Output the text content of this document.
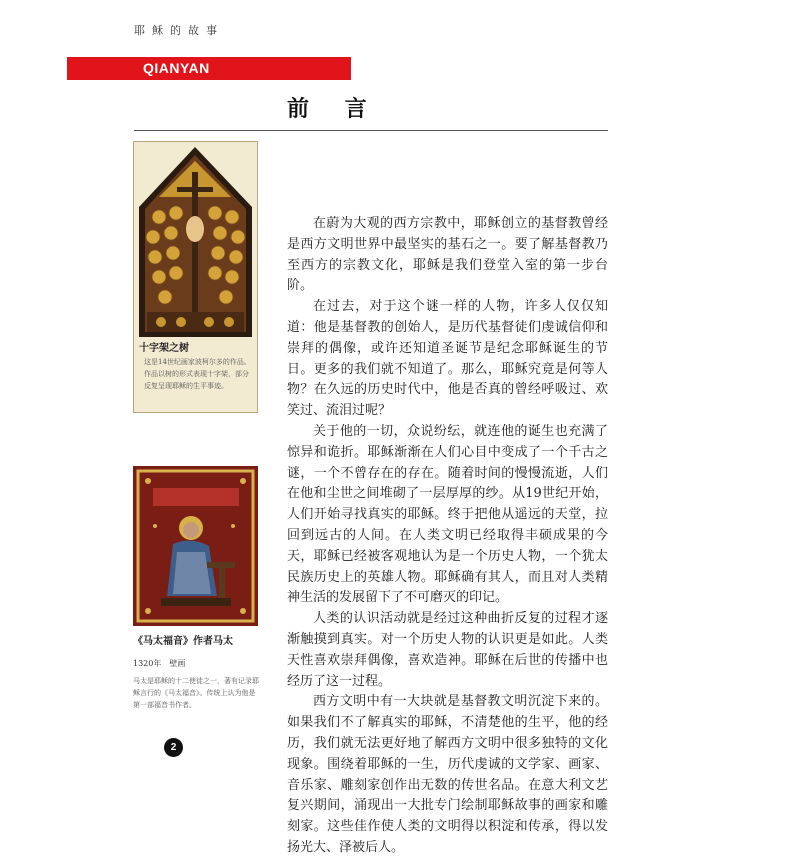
耶稣的故事
QIANYAN
前 言
十字架之树
这是14世纪画家波柯尔多的作品。作品以树的形式表现十字架，部分反复呈现耶稣的生平事迹。
《马太福音》作者马太
1320年　壁画
马太是耶稣的十二使徒之一，著有记录耶稣言行的《马太福音》。传统上认为他是第一部福音书作者。
2

在蔚为大观的西方宗教中，耶稣创立的基督教曾经是西方文明世界中最坚实的基石之一。要了解基督教乃至西方的宗教文化，耶稣是我们登堂入室的第一步台阶。

在过去，对于这个谜一样的人物，许多人仅仅知道：他是基督教的创始人，是历代基督徒们虔诚信仰和崇拜的偶像，或许还知道圣诞节是纪念耶稣诞生的节日。更多的我们就不知道了。那么，耶稣究竟是何等人物？在久远的历史时代中，他是否真的曾经呼吸过、欢笑过、流泪过呢？

关于他的一切，众说纷纭，就连他的诞生也充满了惊异和诡折。耶稣渐渐在人们心目中变成了一个千古之谜，一个不曾存在的存在。随着时间的慢慢流逝，人们在他和尘世之间堆砌了一层厚厚的纱。从19世纪开始，人们开始寻找真实的耶稣。终于把他从遥远的天堂，拉回到远古的人间。在人类文明已经取得丰硕成果的今天，耶稣已经被客观地认为是一个历史人物，一个犹太民族历史上的英雄人物。耶稣确有其人，而且对人类精神生活的发展留下了不可磨灭的印记。

人类的认识活动就是经过这种曲折反复的过程才逐渐触摸到真实。对一个历史人物的认识更是如此。人类天性喜欢崇拜偶像，喜欢造神。耶稣在后世的传播中也经历了这一过程。

西方文明中有一大块就是基督教文明沉淀下来的。如果我们不了解真实的耶稣，不清楚他的生平，他的经历，我们就无法更好地了解西方文明中很多独特的文化现象。围绕着耶稣的一生，历代虔诚的文学家、画家、音乐家、雕刻家创作出无数的传世名品。在意大利文艺复兴期间，涌现出一大批专门绘制耶稣故事的画家和雕刻家。这些佳作使人类的文明得以积淀和传承，得以发扬光大、泽被后人。
